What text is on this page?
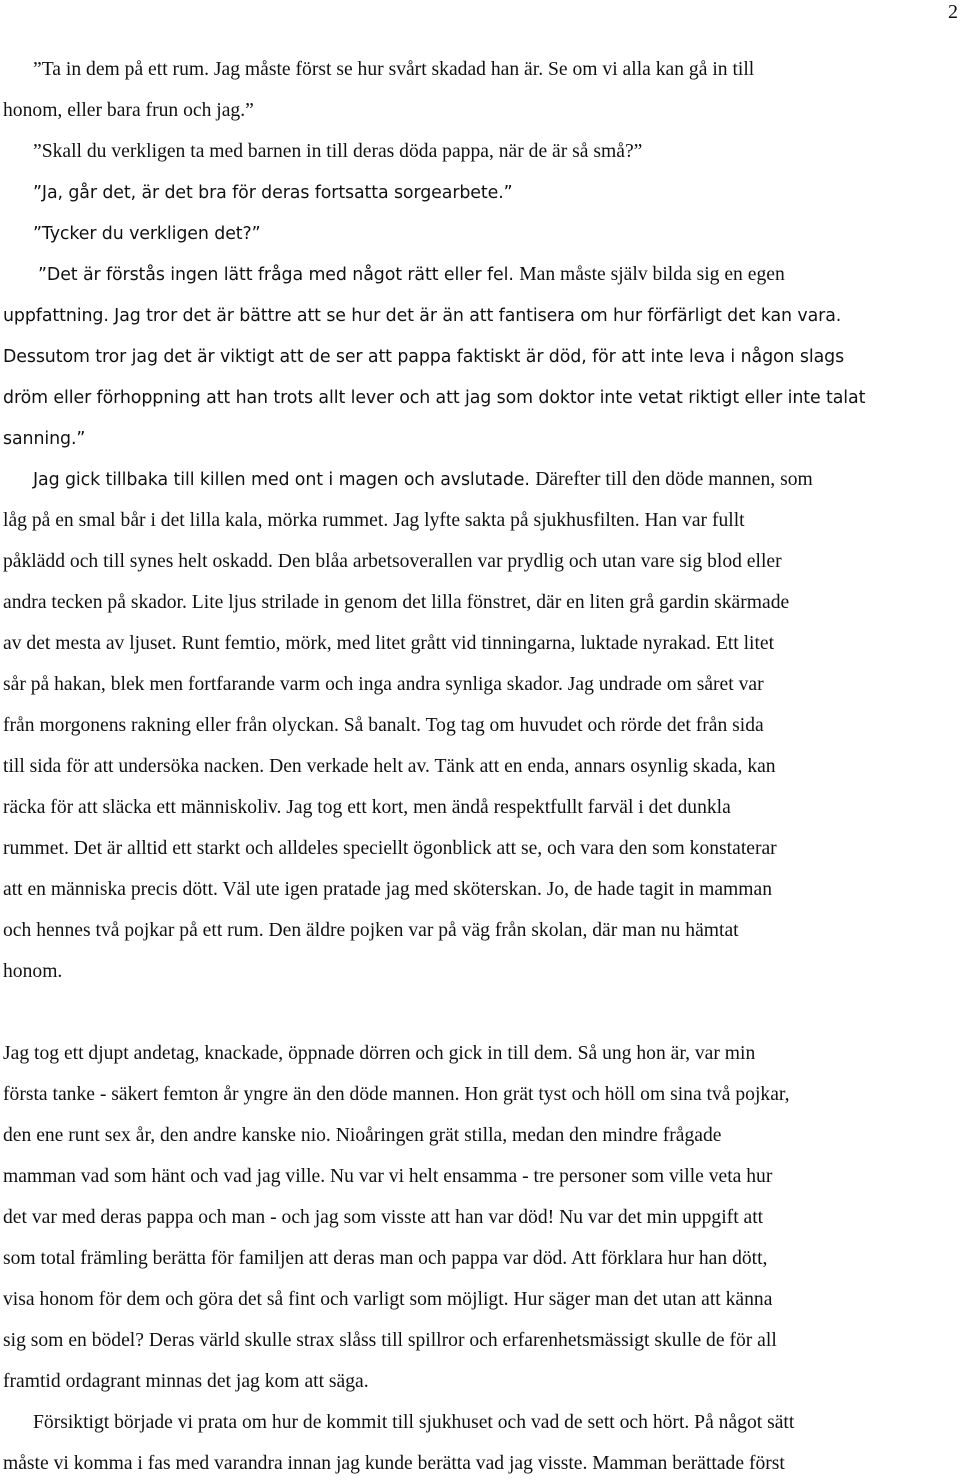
2
”Ta in dem på ett rum. Jag måste först se hur svårt skadad han är. Se om vi alla kan gå in till
honom, eller bara frun och jag.”
”Skall du verkligen ta med barnen in till deras döda pappa, när de är så små?”
”Ja, går det, är det bra för deras fortsatta sorgearbete.”
”Tycker du verkligen det?”
”Det är förstås ingen lätt fråga med något rätt eller fel. Man måste själv bilda sig en egen
uppfattning. Jag tror det är bättre att se hur det är än att fantisera om hur förfärligt det kan vara.
Dessutom tror jag det är viktigt att de ser att pappa faktiskt är död, för att inte leva i någon slags
dröm eller förhoppning att han trots allt lever och att jag som doktor inte vetat riktigt eller inte talat
sanning.”
Jag gick tillbaka till killen med ont i magen och avslutade. Därefter till den döde mannen, som
låg på en smal bår i det lilla kala, mörka rummet. Jag lyfte sakta på sjukhusfilten. Han var fullt
påklädd och till synes helt oskadd. Den blåa arbetsoverallen var prydlig och utan vare sig blod eller
andra tecken på skador. Lite ljus strilade in genom det lilla fönstret, där en liten grå gardin skärmade
av det mesta av ljuset. Runt femtio, mörk, med litet grått vid tinningarna, luktade nyrakad. Ett litet
sår på hakan, blek men fortfarande varm och inga andra synliga skador. Jag undrade om såret var
från morgonens rakning eller från olyckan. Så banalt. Tog tag om huvudet och rörde det från sida
till sida för att undersöka nacken. Den verkade helt av. Tänk att en enda, annars osynlig skada, kan
räcka för att släcka ett människoliv. Jag tog ett kort, men ändå respektfullt farväl i det dunkla
rummet. Det är alltid ett starkt och alldeles speciellt ögonblick att se, och vara den som konstaterar
att en människa precis dött. Väl ute igen pratade jag med sköterskan. Jo, de hade tagit in mamman
och hennes två pojkar på ett rum. Den äldre pojken var på väg från skolan, där man nu hämtat
honom.
Jag tog ett djupt andetag, knackade, öppnade dörren och gick in till dem. Så ung hon är, var min
första tanke - säkert femton år yngre än den döde mannen. Hon grät tyst och höll om sina två pojkar,
den ene runt sex år, den andre kanske nio. Nioåringen grät stilla, medan den mindre frågade
mamman vad som hänt och vad jag ville. Nu var vi helt ensamma - tre personer som ville veta hur
det var med deras pappa och man - och jag som visste att han var död! Nu var det min uppgift att
som total främling berätta för familjen att deras man och pappa var död. Att förklara hur han dött,
visa honom för dem och göra det så fint och varligt som möjligt. Hur säger man det utan att känna
sig som en bödel? Deras värld skulle strax slåss till spillror och erfarenhetsmässigt skulle de för all
framtid ordagrant minnas det jag kom att säga.
Försiktigt började vi prata om hur de kommit till sjukhuset och vad de sett och hört. På något sätt
måste vi komma i fas med varandra innan jag kunde berätta vad jag visste. Mamman berättade först
